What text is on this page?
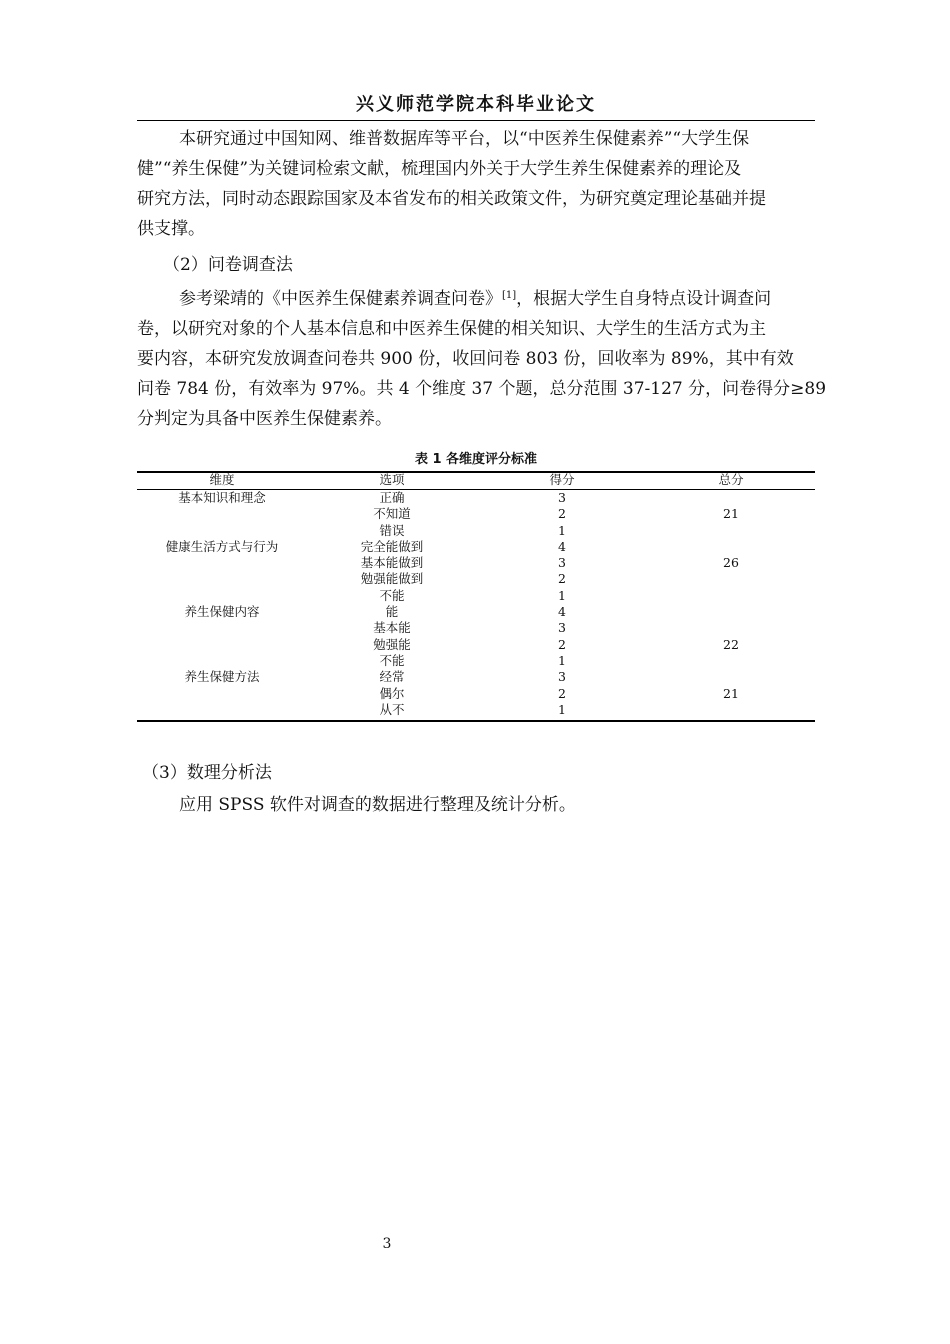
兴义师范学院本科毕业论文

本研究通过中国知网、维普数据库等平台，以“中医养生保健素养”“大学生保

健”“养生保健”为关键词检索文献，梳理国内外关于大学生养生保健素养的理论及

研究方法，同时动态跟踪国家及本省发布的相关政策文件，为研究奠定理论基础并提

供支撑。

（2）问卷调查法

参考梁靖的《中医养生保健素养调查问卷》[1]，根据大学生自身特点设计调查问

卷，以研究对象的个人基本信息和中医养生保健的相关知识、大学生的生活方式为主

要内容，本研究发放调查问卷共 900 份，收回问卷 803 份，回收率为 89%，其中有效

问卷 784 份，有效率为 97%。共 4 个维度 37 个题，总分范围 37-127 分，问卷得分≥89

分判定为具备中医养生保健素养。

表 1 各维度评分标准
维度	选项	得分	总分
基本知识和理念	正确	3	
	不知道	2	21
	错误	1	
健康生活方式与行为	完全能做到	4	
	基本能做到	3	26
	勉强能做到	2	
	不能	1	
养生保健内容	能	4	
	基本能	3	
	勉强能	2	22
	不能	1	
养生保健方法	经常	3	
	偶尔	2	21
	从不	1	
（3）数理分析法
应用 SPSS 软件对调查的数据进行整理及统计分析。
3
